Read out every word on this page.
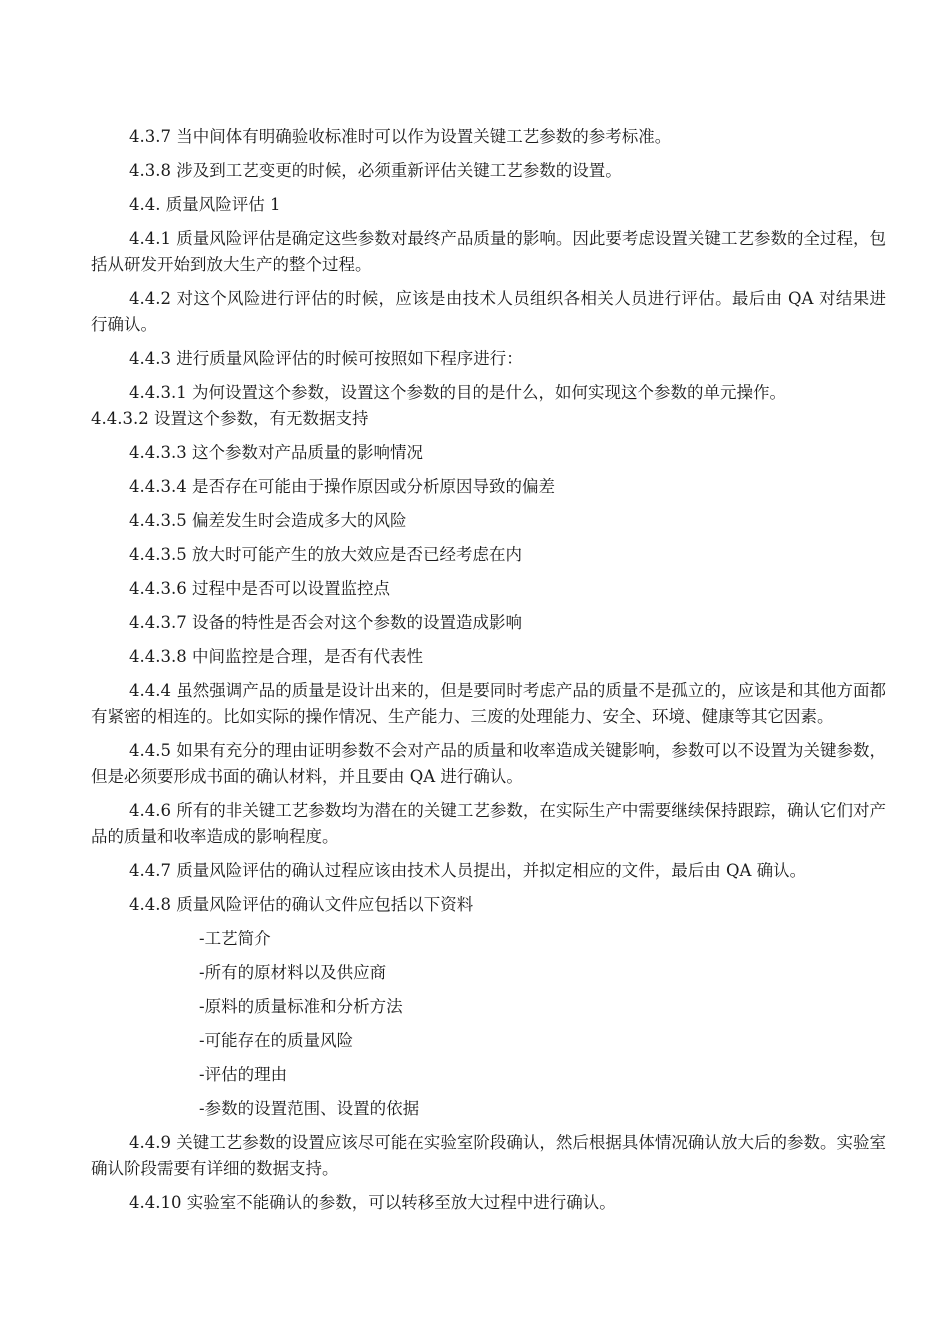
4.3.7 当中间体有明确验收标准时可以作为设置关键工艺参数的参考标准。

4.3.8 涉及到工艺变更的时候，必须重新评估关键工艺参数的设置。

4.4. 质量风险评估 1

4.4.1 质量风险评估是确定这些参数对最终产品质量的影响。因此要考虑设置关键工艺参数的全过程，包括从研发开始到放大生产的整个过程。

4.4.2 对这个风险进行评估的时候，应该是由技术人员组织各相关人员进行评估。最后由 QA 对结果进行确认。

4.4.3 进行质量风险评估的时候可按照如下程序进行：

4.4.3.1 为何设置这个参数，设置这个参数的目的是什么，如何实现这个参数的单元操作。

4.4.3.2 设置这个参数，有无数据支持

4.4.3.3 这个参数对产品质量的影响情况

4.4.3.4 是否存在可能由于操作原因或分析原因导致的偏差

4.4.3.5 偏差发生时会造成多大的风险

4.4.3.5 放大时可能产生的放大效应是否已经考虑在内

4.4.3.6 过程中是否可以设置监控点

4.4.3.7 设备的特性是否会对这个参数的设置造成影响

4.4.3.8 中间监控是合理，是否有代表性

4.4.4 虽然强调产品的质量是设计出来的，但是要同时考虑产品的质量不是孤立的，应该是和其他方面都有紧密的相连的。比如实际的操作情况、生产能力、三废的处理能力、安全、环境、健康等其它因素。

4.4.5 如果有充分的理由证明参数不会对产品的质量和收率造成关键影响，参数可以不设置为关键参数，但是必须要形成书面的确认材料，并且要由 QA 进行确认。

4.4.6 所有的非关键工艺参数均为潜在的关键工艺参数，在实际生产中需要继续保持跟踪，确认它们对产品的质量和收率造成的影响程度。

4.4.7 质量风险评估的确认过程应该由技术人员提出，并拟定相应的文件，最后由 QA 确认。

4.4.8 质量风险评估的确认文件应包括以下资料

-工艺简介

-所有的原材料以及供应商

-原料的质量标准和分析方法

-可能存在的质量风险

-评估的理由

-参数的设置范围、设置的依据

4.4.9 关键工艺参数的设置应该尽可能在实验室阶段确认，然后根据具体情况确认放大后的参数。实验室确认阶段需要有详细的数据支持。

4.4.10 实验室不能确认的参数，可以转移至放大过程中进行确认。
